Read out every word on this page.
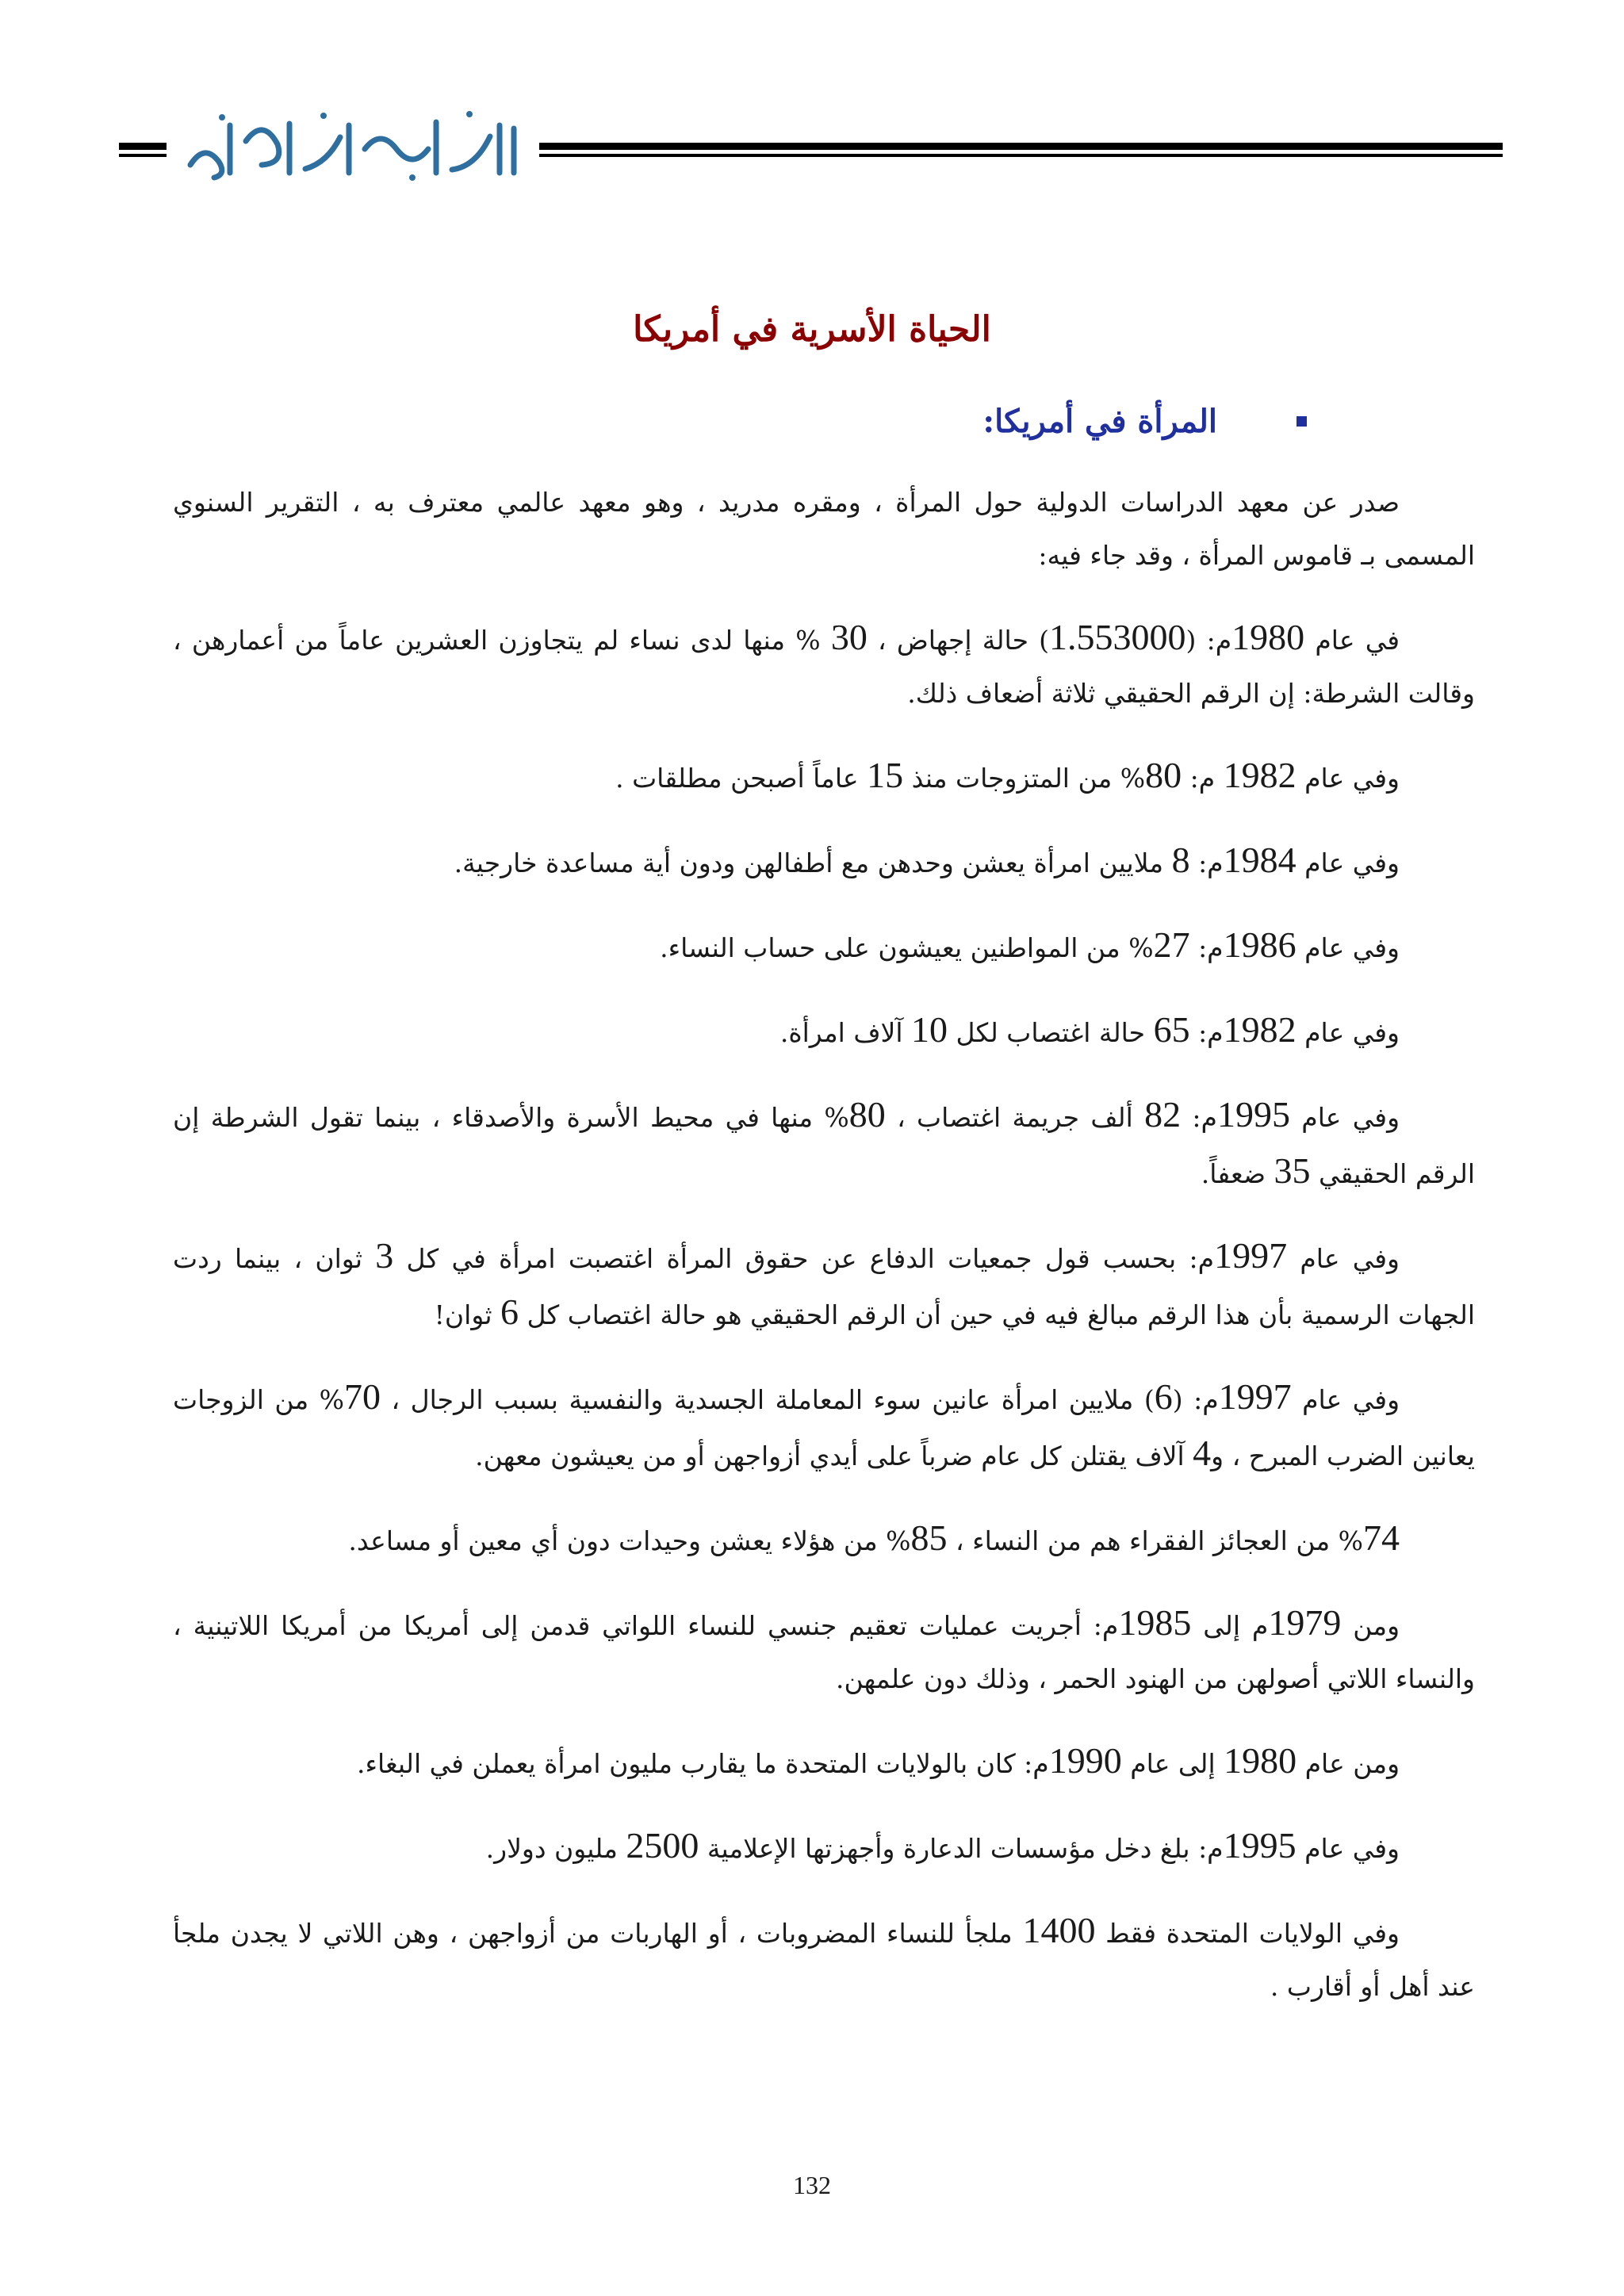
الحياة الأسرية في أمريكا
المرأة في أمريكا:

صدر عن معهد الدراسات الدولية حول المرأة ، ومقره مدريد ، وهو معهد عالمي معترف به ، التقرير السنوي المسمى بـ قاموس المرأة ، وقد جاء فيه:

في عام 1980م: (1.553000) حالة إجهاض ، 30 % منها لدى نساء لم يتجاوزن العشرين عاماً من أعمارهن ، وقالت الشرطة: إن الرقم الحقيقي ثلاثة أضعاف ذلك.

وفي عام 1982 م: 80% من المتزوجات منذ 15 عاماً أصبحن مطلقات .

وفي عام 1984م: 8 ملايين امرأة يعشن وحدهن مع أطفالهن ودون أية مساعدة خارجية.

وفي عام 1986م: 27% من المواطنين يعيشون على حساب النساء.

وفي عام 1982م: 65 حالة اغتصاب لكل 10 آلاف امرأة.

وفي عام 1995م: 82 ألف جريمة اغتصاب ، 80% منها في محيط الأسرة والأصدقاء ، بينما تقول الشرطة إن الرقم الحقيقي 35 ضعفاً.

وفي عام 1997م: بحسب قول جمعيات الدفاع عن حقوق المرأة اغتصبت امرأة في كل 3 ثوان ، بينما ردت الجهات الرسمية بأن هذا الرقم مبالغ فيه في حين أن الرقم الحقيقي هو حالة اغتصاب كل 6 ثوان!

وفي عام 1997م: (6) ملايين امرأة عانين سوء المعاملة الجسدية والنفسية بسبب الرجال ، 70% من الزوجات يعانين الضرب المبرح ، و4 آلاف يقتلن كل عام ضرباً على أيدي أزواجهن أو من يعيشون معهن.

74% من العجائز الفقراء هم من النساء ، 85% من هؤلاء يعشن وحيدات دون أي معين أو مساعد.

ومن 1979م إلى 1985م: أجريت عمليات تعقيم جنسي للنساء اللواتي قدمن إلى أمريكا من أمريكا اللاتينية ، والنساء اللاتي أصولهن من الهنود الحمر ، وذلك دون علمهن.

ومن عام 1980 إلى عام 1990م: كان بالولايات المتحدة ما يقارب مليون امرأة يعملن في البغاء.

وفي عام 1995م: بلغ دخل مؤسسات الدعارة وأجهزتها الإعلامية 2500 مليون دولار.

وفي الولايات المتحدة فقط 1400 ملجأ للنساء المضروبات ، أو الهاربات من أزواجهن ، وهن اللاتي لا يجدن ملجأ عند أهل أو أقارب .

132
